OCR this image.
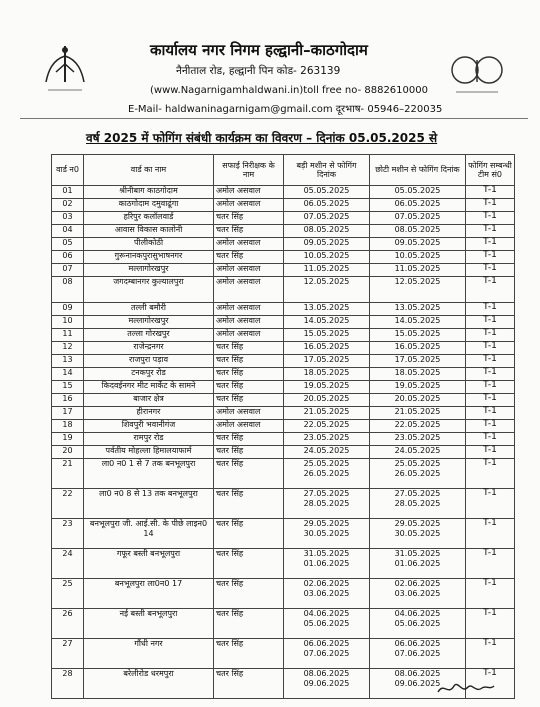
कार्यालय नगर निगम हल्द्वानी–काठगोदाम
नैनीताल रोड, हल्द्वानी पिन कोड- 263139
(www.Nagarnigamhaldwani.in)toll free no- 8882610000
E-Mail- haldwaninagarnigam@gmail.com दूरभाष- 05946–220035
वर्ष 2025 में फोगिंग संबंधी कार्यक्रम का विवरण – दिनांक 05.05.2025 से
वार्ड न0	वार्ड का नाम	सफाई निरीक्षक के नाम	बड़ी मशीन से फोगिंग दिनांक	छोटी मशीन से फोगिंग दिनांक	फोगिंग सम्बन्धी टीम सं0
01	श्रीनीबाग काठगोदाम	अमोल असवाल	05.05.2025	05.05.2025	T-1
02	काठगोदाम दमुवाढूंगा	अमोल असवाल	06.05.2025	06.05.2025	T-1
03	हरिपुर कलॉलवार्ड	चतर सिंह	07.05.2025	07.05.2025	T-1
04	आवास विकास कालोनी	चतर सिंह	08.05.2025	08.05.2025	T-1
05	पीलीकोठी	अमोल असवाल	09.05.2025	09.05.2025	T-1
06	गुरूनानकपुरासुभाषनगर	चतर सिंह	10.05.2025	10.05.2025	T-1
07	मल्लागोरखपुर	अमोल असवाल	11.05.2025	11.05.2025	T-1
08	जगदम्बानगर कुल्यालपुरा	अमोल असवाल	12.05.2025	12.05.2025	T-1
09	तल्ली बमौरी	अमोल असवाल	13.05.2025	13.05.2025	T-1
10	मल्लागोरखपुर	अमोल असवाल	14.05.2025	14.05.2025	T-1
11	तल्ला गोरखपुर	अमोल असवाल	15.05.2025	15.05.2025	T-1
12	राजेन्द्रनगर	चतर सिंह	16.05.2025	16.05.2025	T-1
13	राजपुरा पड़ाव	चतर सिंह	17.05.2025	17.05.2025	T-1
14	टनकपुर रोड	चतर सिंह	18.05.2025	18.05.2025	T-1
15	किदवईनगर मीट मार्केट के सामने	चतर सिंह	19.05.2025	19.05.2025	T-1
16	बाजार क्षेत्र	चतर सिंह	20.05.2025	20.05.2025	T-1
17	हीरानगर	अमोल असवाल	21.05.2025	21.05.2025	T-1
18	शिवपुरी भवानीगंज	अमोल असवाल	22.05.2025	22.05.2025	T-1
19	रामपुर रोड	चतर सिंह	23.05.2025	23.05.2025	T-1
20	पर्वतीय मोहल्ला हिमालयाफार्म	चतर सिंह	24.05.2025	24.05.2025	T-1
21	ला0 न0 1 से 7 तक बनभूलपुरा	चतर सिंह	25.05.2025
26.05.2025	25.05.2025
26.05.2025	T-1
22	ला0 न0 8 से 13 तक बनभूलपुरा	चतर सिंह	27.05.2025
28.05.2025	27.05.2025
28.05.2025	T-1
23	बनभूलपुरा जी. आई.सी. के पीछे लाइन0 14	चतर सिंह	29.05.2025
30.05.2025	29.05.2025
30.05.2025	T-1
24	गफूर बस्ती बनभूलपुरा	चतर सिंह	31.05.2025
01.06.2025	31.05.2025
01.06.2025	T-1
25	बनभूलपुरा ला0न0 17	चतर सिंह	02.06.2025
03.06.2025	02.06.2025
03.06.2025	T-1
26	नई बस्ती बनभूलपुरा	चतर सिंह	04.06.2025
05.06.2025	04.06.2025
05.06.2025	T-1
27	गौंधी नगर	चतर सिंह	06.06.2025
07.06.2025	06.06.2025
07.06.2025	T-1
28	बरेलीरोड धरमपुरा	चतर सिंह	08.06.2025
09.06.2025	08.06.2025
09.06.2025	T-1
